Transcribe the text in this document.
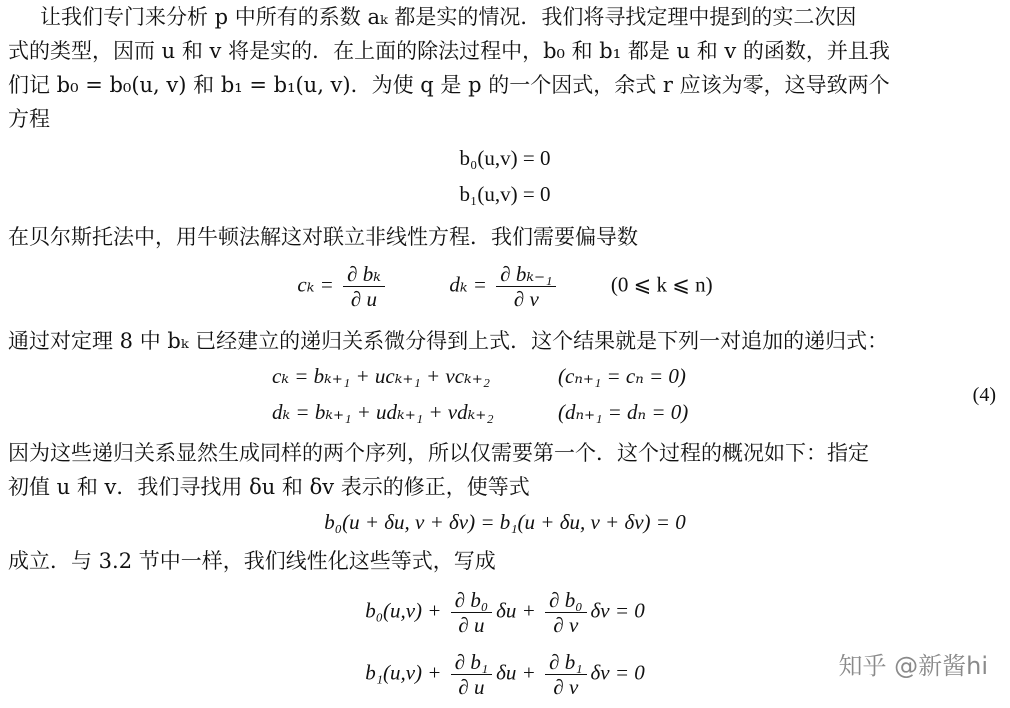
让我们专门来分析 p 中所有的系数 aₖ 都是实的情况．我们将寻找定理中提到的实二次因
式的类型，因而 u 和 v 将是实的．在上面的除法过程中，b₀ 和 b₁ 都是 u 和 v 的函数，并且我
们记 b₀ = b₀(u, v) 和 b₁ = b₁(u, v)．为使 q 是 p 的一个因式，余式 r 应该为零，这导致两个
方程
b₀(u,v) = 0
b₁(u,v) = 0
在贝尔斯托法中，用牛顿法解这对联立非线性方程．我们需要偏导数
$c_k = \frac{\text{∂ bₖ}}{\partial u}$	$d_k = \frac{\text{∂ bₖ₋₁}}{\partial v}$	(0 ⩽ k ⩽ n)
通过对定理 8 中 bₖ 已经建立的递归关系微分得到上式．这个结果就是下列一对追加的递归式：
cₖ = bₖ₊₁ + ucₖ₊₁ + vcₖ₊₂	(cₙ₊₁ = cₙ = 0)
dₖ = bₖ₊₁ + udₖ₊₁ + vdₖ₊₂	(dₙ₊₁ = dₙ = 0)
(4)
因为这些递归关系显然生成同样的两个序列，所以仅需要第一个．这个过程的概况如下：指定
初值 u 和 v．我们寻找用 δu 和 δv 表示的修正，使等式
b₀(u + δu, v + δv) = b₁(u + δu, v + δv) = 0
成立．与 3.2 节中一样，我们线性化这些等式，写成
$b_0(u,v) + \frac{\text{∂ b₀}}{\partial u}$ $\delta u + \frac{\text{∂ b₀}}{\partial v}$ δv = 0
$b_1(u,v) + \frac{\text{∂ b₁}}{\partial u}$ $\delta u + \frac{\text{∂ b₁}}{\partial v}$ δv = 0	知乎 @新酱hi
